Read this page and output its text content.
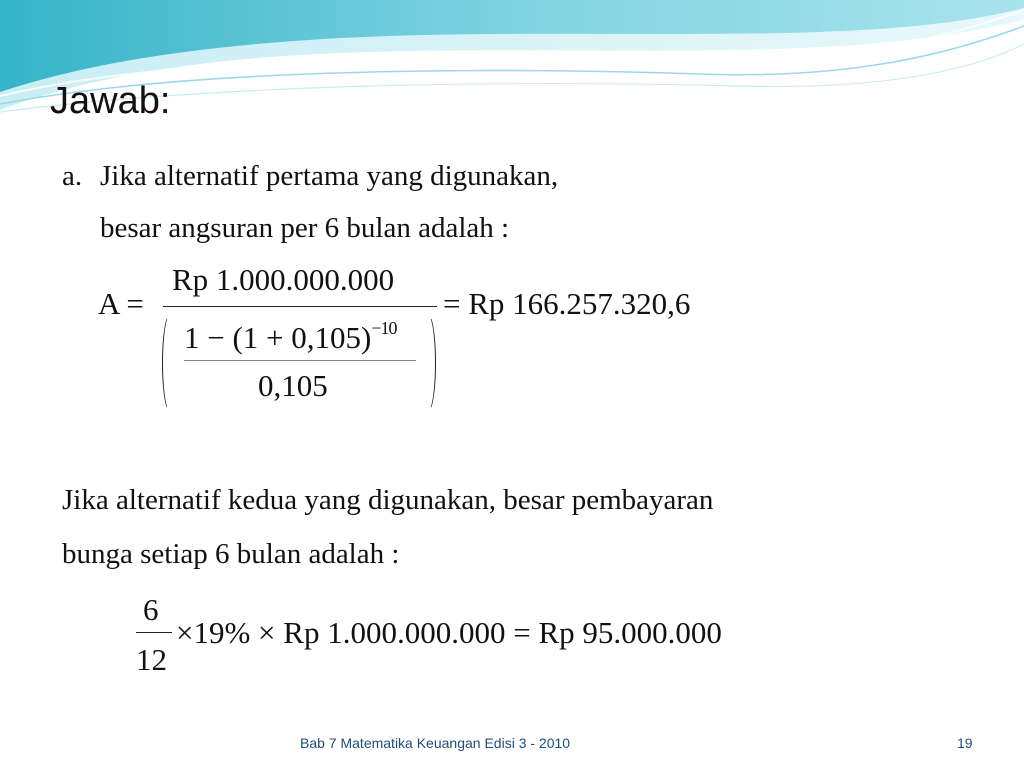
Jawab:
a. Jika alternatif pertama yang digunakan,
besar angsuran per 6 bulan adalah :
A =
Rp 1.000.000.000
$1 - (1 + 0,105)^{-10}$
0,105
= Rp 166.257.320,6
Jika alternatif kedua yang digunakan, besar pembayaran
bunga setiap 6 bulan adalah :
6
12
×19% × Rp 1.000.000.000 = Rp 95.000.000
Bab 7 Matematika Keuangan Edisi 3 - 2010	19
